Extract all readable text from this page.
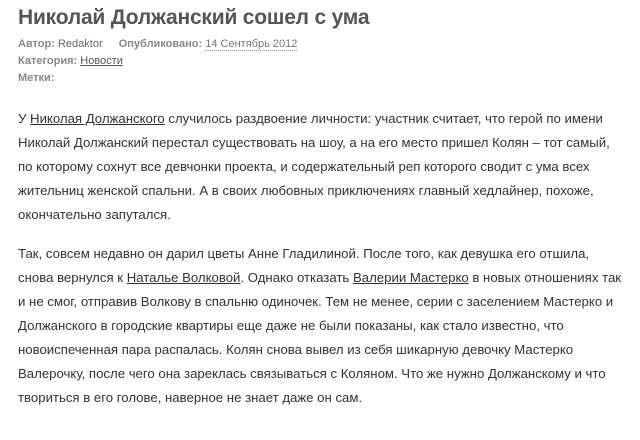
Николай Должанский сошел с ума
Автор: Redaktor Опубликовано: 14 Сентябрь 2012
Категория: Новости
Метки:

У Николая Должанского случилось раздвоение личности: участник считает, что герой по имени Николай Должанский перестал существовать на шоу, а на его место пришел Колян – тот самый, по которому сохнут все девчонки проекта, и содержательный реп которого сводит с ума всех жительниц женской спальни. А в своих любовных приключениях главный хедлайнер, похоже, окончательно запутался.

Так, совсем недавно он дарил цветы Анне Гладилиной. После того, как девушка его отшила, снова вернулся к Наталье Волковой. Однако отказать Валерии Мастерко в новых отношениях так и не смог, отправив Волкову в спальню одиночек. Тем не менее, серии с заселением Мастерко и Должанского в городские квартиры еще даже не были показаны, как стало известно, что новоиспеченная пара распалась. Колян снова вывел из себя шикарную девочку Мастерко Валерочку, после чего она зареклась связываться с Коляном. Что же нужно Должанскому и что твориться в его голове, наверное не знает даже он сам.
